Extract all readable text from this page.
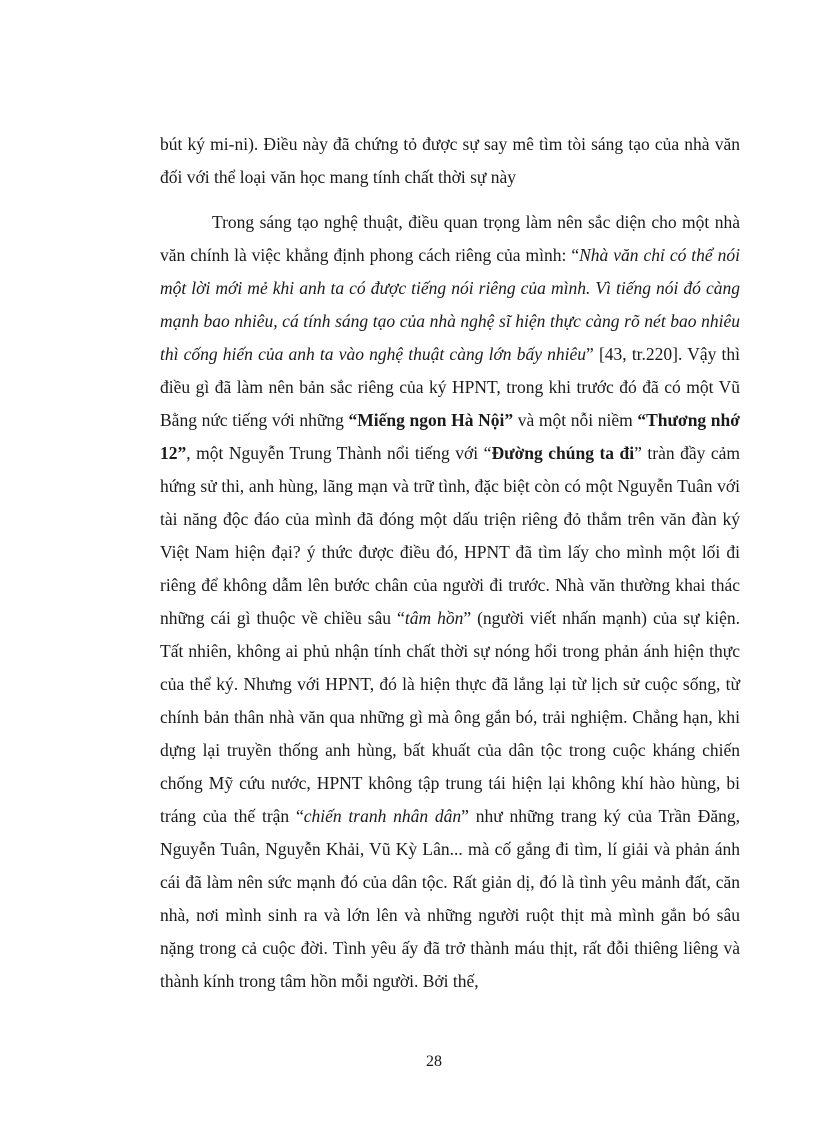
bút ký mi-ni). Điều này đã chứng tỏ được sự say mê tìm tòi sáng tạo của nhà văn đối với thể loại văn học mang tính chất thời sự này

Trong sáng tạo nghệ thuật, điều quan trọng làm nên sắc diện cho một nhà văn chính là việc khẳng định phong cách riêng của mình: “Nhà văn chỉ có thể nói một lời mới mẻ khi anh ta có được tiếng nói riêng của mình. Vì tiếng nói đó càng mạnh bao nhiêu, cá tính sáng tạo của nhà nghệ sĩ hiện thực càng rõ nét bao nhiêu thì cống hiến của anh ta vào nghệ thuật càng lớn bấy nhiêu” [43, tr.220]. Vậy thì điều gì đã làm nên bản sắc riêng của ký HPNT, trong khi trước đó đã có một Vũ Bằng nức tiếng với những “Miếng ngon Hà Nội” và một nỗi niềm “Thương nhớ 12”, một Nguyễn Trung Thành nổi tiếng với “Đường chúng ta đi” tràn đầy cảm hứng sử thi, anh hùng, lãng mạn và trữ tình, đặc biệt còn có một Nguyễn Tuân với tài năng độc đáo của mình đã đóng một dấu triện riêng đỏ thắm trên văn đàn ký Việt Nam hiện đại? ý thức được điều đó, HPNT đã tìm lấy cho mình một lối đi riêng để không dẫm lên bước chân của người đi trước. Nhà văn thường khai thác những cái gì thuộc về chiều sâu “tâm hồn” (người viết nhấn mạnh) của sự kiện. Tất nhiên, không ai phủ nhận tính chất thời sự nóng hổi trong phản ánh hiện thực của thể ký. Nhưng với HPNT, đó là hiện thực đã lắng lại từ lịch sử cuộc sống, từ chính bản thân nhà văn qua những gì mà ông gắn bó, trải nghiệm. Chẳng hạn, khi dựng lại truyền thống anh hùng, bất khuất của dân tộc trong cuộc kháng chiến chống Mỹ cứu nước, HPNT không tập trung tái hiện lại không khí hào hùng, bi tráng của thế trận “chiến tranh nhân dân” như những trang ký của Trần Đăng, Nguyễn Tuân, Nguyễn Khải, Vũ Kỳ Lân... mà cố gắng đi tìm, lí giải và phản ánh cái đã làm nên sức mạnh đó của dân tộc. Rất giản dị, đó là tình yêu mảnh đất, căn nhà, nơi mình sinh ra và lớn lên và những người ruột thịt mà mình gắn bó sâu nặng trong cả cuộc đời. Tình yêu ấy đã trở thành máu thịt, rất đỗi thiêng liêng và thành kính trong tâm hồn mỗi người. Bởi thế,

28
